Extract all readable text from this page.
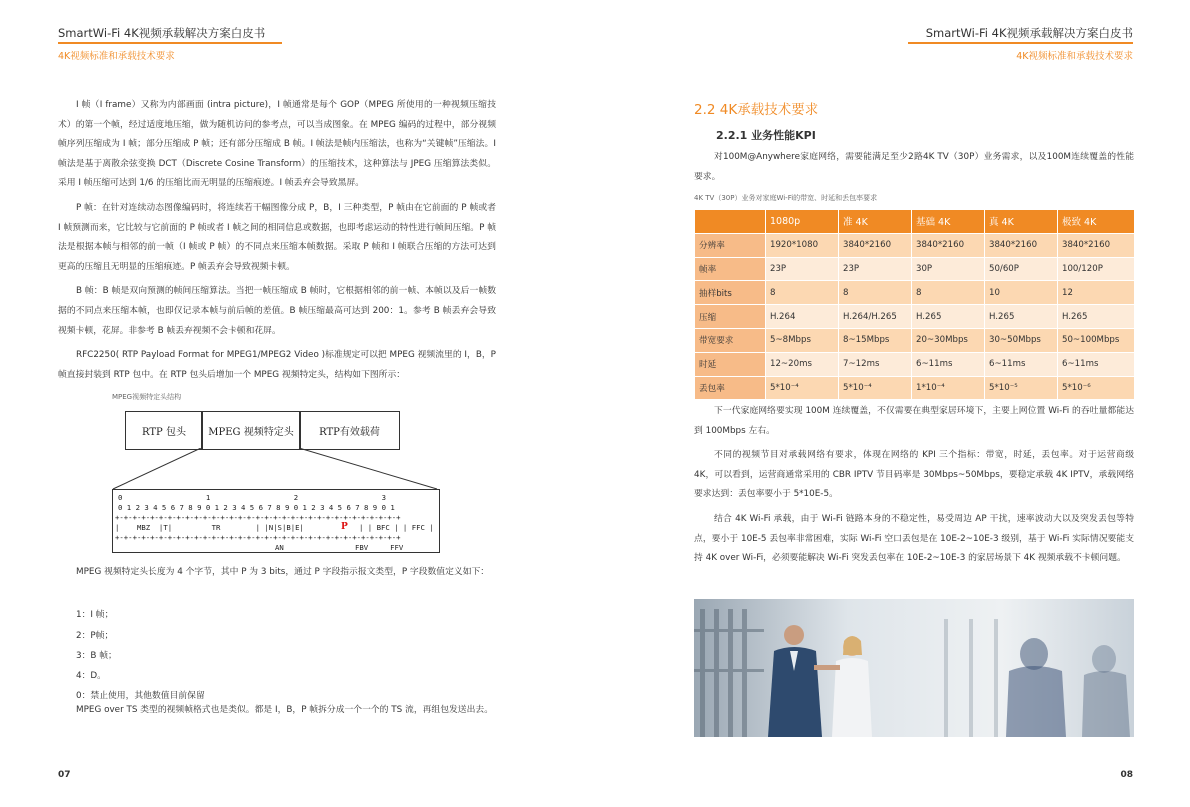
SmartWi-Fi 4K视频承载解决方案白皮书
4K视频标准和承载技术要求

I 帧（I frame）又称为内部画面 (intra picture)，I 帧通常是每个 GOP（MPEG 所使用的一种视频压缩技术）的第一个帧，经过适度地压缩，做为随机访问的参考点，可以当成图象。在 MPEG 编码的过程中，部分视频帧序列压缩成为 I 帧；部分压缩成 P 帧；还有部分压缩成 B 帧。I 帧法是帧内压缩法，也称为“关键帧”压缩法。I 帧法是基于离散余弦变换 DCT（Discrete Cosine Transform）的压缩技术，这种算法与 JPEG 压缩算法类似。采用 I 帧压缩可达到 1/6 的压缩比而无明显的压缩痕迹。I 帧丢弃会导致黑屏。

P 帧：在针对连续动态图像编码时，将连续若干幅图像分成 P，B，I 三种类型，P 帧由在它前面的 P 帧或者 I 帧预测而来，它比较与它前面的 P 帧或者 I 帧之间的相同信息或数据，也即考虑运动的特性进行帧间压缩。P 帧法是根据本帧与相邻的前一帧（I 帧或 P 帧）的不同点来压缩本帧数据。采取 P 帧和 I 帧联合压缩的方法可达到更高的压缩且无明显的压缩痕迹。P 帧丢弃会导致视频卡顿。

B 帧：B 帧是双向预测的帧间压缩算法。当把一帧压缩成 B 帧时，它根据相邻的前一帧、本帧以及后一帧数据的不同点来压缩本帧，也即仅记录本帧与前后帧的差值。B 帧压缩最高可达到 200：1。参考 B 帧丢弃会导致视频卡顿，花屏。非参考 B 帧丢弃视频不会卡顿和花屏。

RFC2250( RTP Payload Format for MPEG1/MPEG2 Video )标准规定可以把 MPEG 视频流里的 I，B，P 帧直接封装到 RTP 包中。在 RTP 包头后增加一个 MPEG 视频特定头，结构如下图所示：

MPEG视频特定头结构
RTP 包头	MPEG 视频特定头	RTP有效载荷
0                   1                   2                   3
0 1 2 3 4 5 6 7 8 9 0 1 2 3 4 5 6 7 8 9 0 1 2 3 4 5 6 7 8 9 0 1
+-+-+-+-+-+-+-+-+-+-+-+-+-+-+-+-+-+-+-+-+-+-+-+-+-+-+-+-+-+-+-+-+
|    MBZ  |T|         TR        | |N|S|B|E|	P | | BFC | | FFC |
+-+-+-+-+-+-+-+-+-+-+-+-+-+-+-+-+-+-+-+-+-+-+-+-+-+-+-+-+-+-+-+-+
AN	FBV     FFV

MPEG 视频特定头长度为 4 个字节，其中 P 为 3 bits，通过 P 字段指示报文类型，P 字段数值定义如下：

1：I 帧；
2：P帧；
3：B 帧；
4：D。
0：禁止使用，其他数值目前保留

MPEG over TS 类型的视频帧格式也是类似。都是 I，B，P 帧拆分成一个一个的 TS 流，再组包发送出去。

07
SmartWi-Fi 4K视频承载解决方案白皮书
4K视频标准和承载技术要求
2.2 4K承载技术要求
2.2.1 业务性能KPI

对100M@Anywhere家庭网络，需要能满足至少2路4K TV（30P）业务需求，以及100M连续覆盖的性能要求。

4K TV（30P）业务对家庭Wi-Fi的带宽、时延和丢包率要求
	1080p	准 4K	基础 4K	真 4K	极致 4K
分辨率	1920*1080	3840*2160	3840*2160	3840*2160	3840*2160
帧率	23P	23P	30P	50/60P	100/120P
抽样bits	8	8	8	10	12
压缩	H.264	H.264/H.265	H.265	H.265	H.265
带宽要求	5~8Mbps	8~15Mbps	20~30Mbps	30~50Mbps	50~100Mbps
时延	12~20ms	7~12ms	6~11ms	6~11ms	6~11ms
丢包率	5*10⁻⁴	5*10⁻⁴	1*10⁻⁴	5*10⁻⁵	5*10⁻⁶

下一代家庭网络要实现 100M 连续覆盖，不仅需要在典型家居环境下，主要上网位置 Wi-Fi 的吞吐量都能达到 100Mbps 左右。

不同的视频节目对承载网络有要求，体现在网络的 KPI 三个指标：带宽，时延，丢包率。对于运营商级 4K，可以看到，运营商通常采用的 CBR IPTV 节目码率是 30Mbps~50Mbps，要稳定承载 4K IPTV，承载网络要求达到：丢包率要小于 5*10E-5。

结合 4K Wi-Fi 承载，由于 Wi-Fi 链路本身的不稳定性，易受周边 AP 干扰，速率波动大以及突发丢包等特点，要小于 10E-5 丢包率非常困难，实际 Wi-Fi 空口丢包是在 10E-2~10E-3 级别，基于 Wi-Fi 实际情况要能支持 4K over Wi-Fi，必须要能解决 Wi-Fi 突发丢包率在 10E-2~10E-3 的家居场景下 4K 视频承载不卡顿问题。

08
